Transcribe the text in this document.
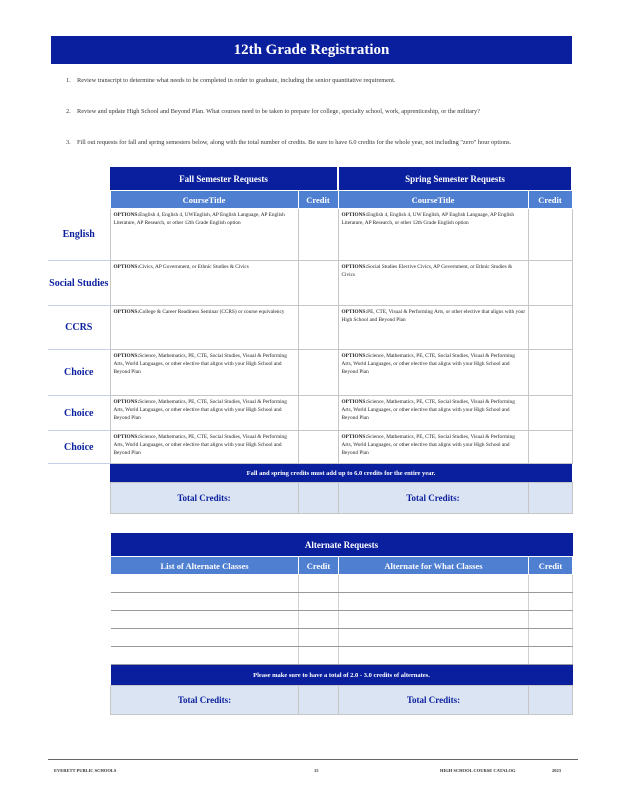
12th Grade Registration
1. Review transcript to determine what needs to be completed in order to graduate, including the senior quantitative requirement.
2. Review and update High School and Beyond Plan. What courses need to be taken to prepare for college, specialty school, work, apprenticeship, or the military?
3. Fill out requests for fall and spring semesters below, along with the total number of credits. Be sure to have 6.0 credits for the whole year, not including "zero" hour options.
	Fall Semester Requests		Spring Semester Requests	
	CourseTitle	Credit	CourseTitle	Credit
English	OPTIONS:English 4, English 4, UWEnglish, AP English Language, AP English Literature, AP Research, or other 12th Grade English option		OPTIONS:English 4, English 4, UW English, AP English Language, AP English Literature, AP Research, or other 12th Grade English option	
Social Studies	OPTIONS:Civics, AP Government, or Ethnic Studies & Civics		OPTIONS:Social Studies Elective Civics, AP Government, or Ethnic Studies & Civics	
CCRS	OPTIONS:College & Career Readiness Seminar (CCRS) or course equivalency		OPTIONS:PE, CTE, Visual & Performing Arts, or other elective that aligns with your High School and Beyond Plan	
Choice	OPTIONS:Science, Mathematics, PE, CTE, Social Studies, Visual & Performing Arts, World Languages, or other elective that aligns with your High School and Beyond Plan		OPTIONS:Science, Mathematics, PE, CTE, Social Studies, Visual & Performing Arts, World Languages, or other elective that aligns with your High School and Beyond Plan	
Choice	OPTIONS:Science, Mathematics, PE, CTE, Social Studies, Visual & Performing Arts, World Languages, or other elective that aligns with your High School and Beyond Plan		OPTIONS:Science, Mathematics, PE, CTE, Social Studies, Visual & Performing Arts, World Languages, or other elective that aligns with your High School and Beyond Plan	
Choice	OPTIONS:Science, Mathematics, PE, CTE, Social Studies, Visual & Performing Arts, World Languages, or other elective that aligns with your High School and Beyond Plan		OPTIONS:Science, Mathematics, PE, CTE, Social Studies, Visual & Performing Arts, World Languages, or other elective that aligns with your High School and Beyond Plan	
	Fall and spring credits must add up to 6.0 credits for the entire year.			
	Total Credits:		Total Credits:	
Alternate Requests			
List of Alternate Classes	Credit	Alternate for What Classes	Credit

Please make sure to have a total of 2.0 - 3.0 credits of alternates.			
Total Credits:		Total Credits:	
EVERETT PUBLIC SCHOOLS	15	HIGH SCHOOL COURSE CATALOG	2023
